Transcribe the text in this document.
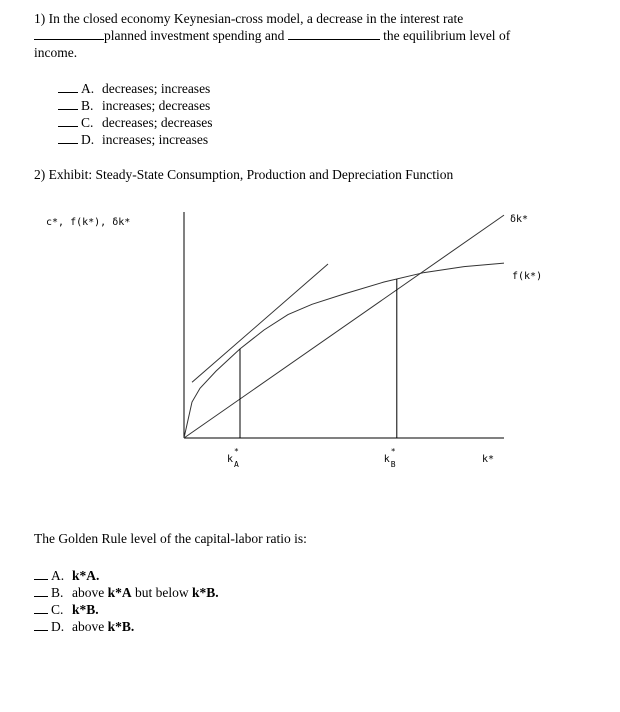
1) In the closed economy Keynesian-cross model, a decrease in the interest rate
planned investment spending and	the equilibrium level of
income.
A. decreases; increases
B. increases; decreases
C. decreases; decreases
D. increases; increases
2) Exhibit: Steady-State Consumption, Production and Depreciation Function
k
*
A	k
*
B
c*, f(k*), δk*
k*
δk*
f(k*)
The Golden Rule level of the capital-labor ratio is:
A. k*A.
B. above k*A but below k*B.
C. k*B.
D. above k*B.
